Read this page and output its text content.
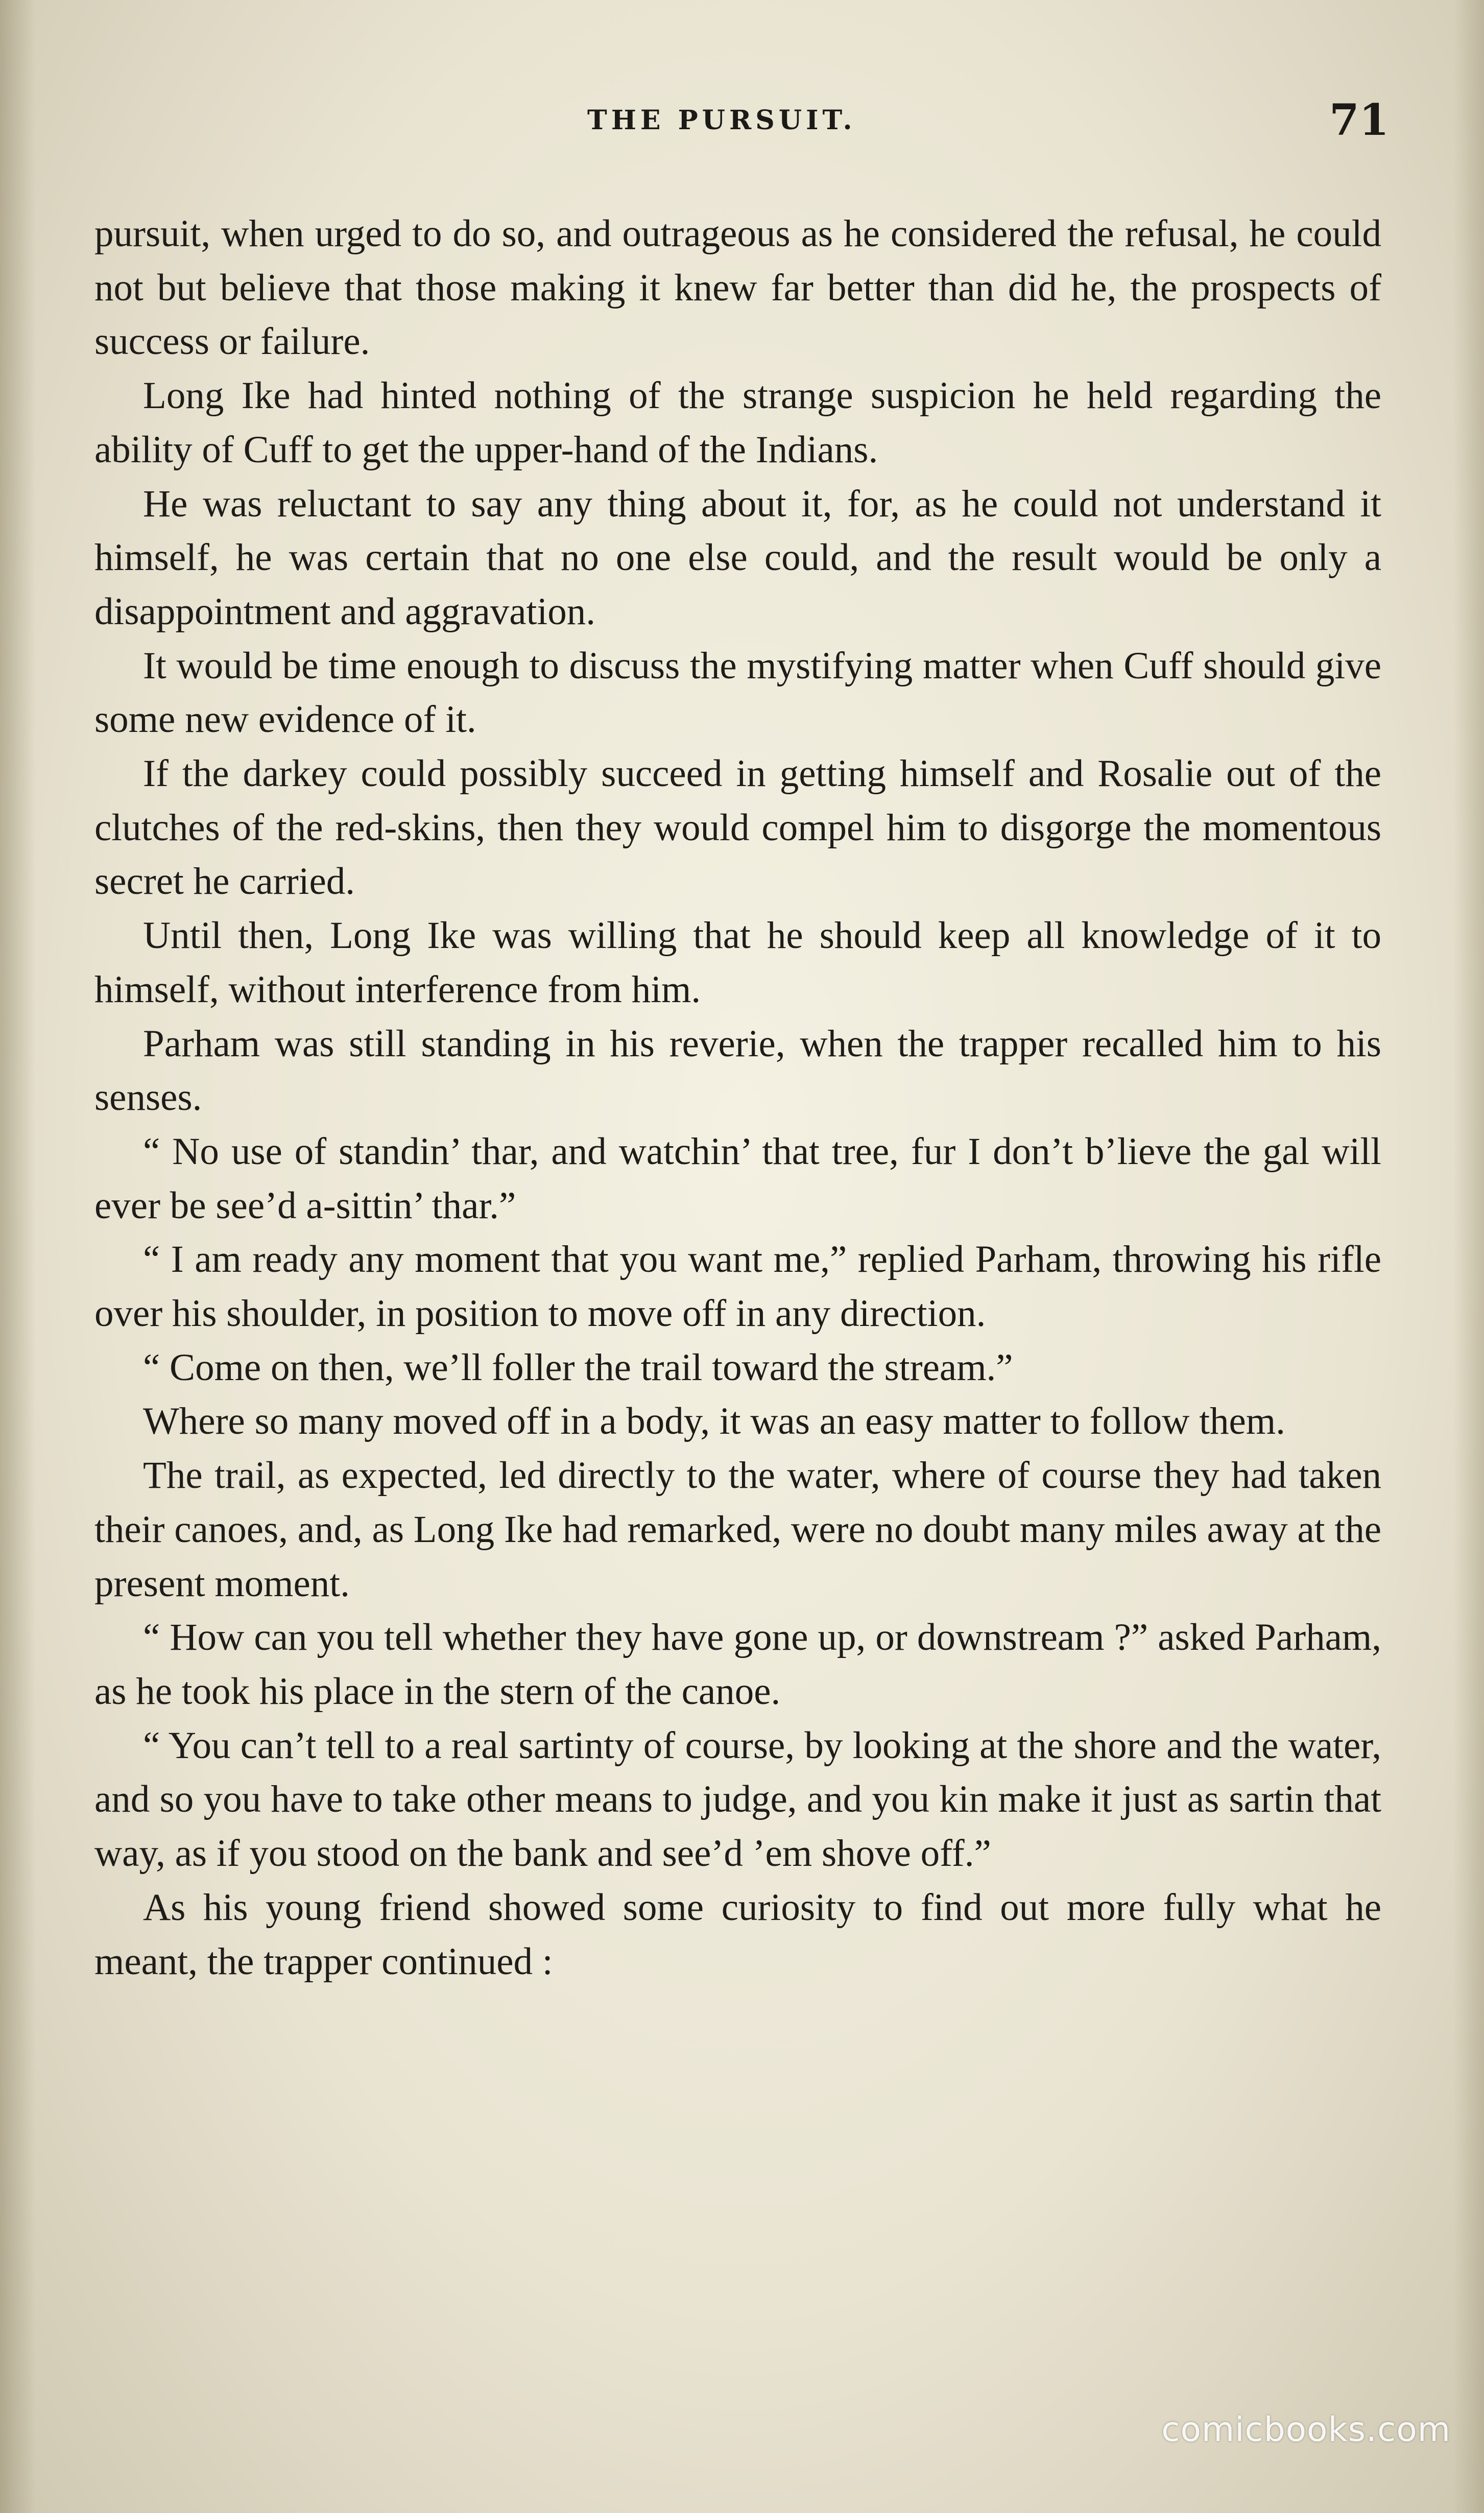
THE PURSUIT.	71

pursuit, when urged to do so, and outrageous as he considered the refusal, he could not but believe that those making it knew far better than did he, the prospects of success or failure.

Long Ike had hinted nothing of the strange suspicion he held regarding the ability of Cuff to get the upper-hand of the Indians.

He was reluctant to say any thing about it, for, as he could not understand it himself, he was certain that no one else could, and the result would be only a disappointment and aggravation.

It would be time enough to discuss the mystifying matter when Cuff should give some new evidence of it.

If the darkey could possibly succeed in getting himself and Rosalie out of the clutches of the red-skins, then they would compel him to disgorge the momentous secret he carried.

Until then, Long Ike was willing that he should keep all knowledge of it to himself, without interference from him.

Parham was still standing in his reverie, when the trapper recalled him to his senses.

“ No use of standin’ thar, and watchin’ that tree, fur I don’t b’lieve the gal will ever be see’d a-sittin’ thar.”

“ I am ready any moment that you want me,” replied Parham, throwing his rifle over his shoulder, in position to move off in any direction.

“ Come on then, we’ll foller the trail toward the stream.”

Where so many moved off in a body, it was an easy matter to follow them.

The trail, as expected, led directly to the water, where of course they had taken their canoes, and, as Long Ike had remarked, were no doubt many miles away at the present moment.

“ How can you tell whether they have gone up, or downstream ?” asked Parham, as he took his place in the stern of the canoe.

“ You can’t tell to a real sartinty of course, by looking at the shore and the water, and so you have to take other means to judge, and you kin make it just as sartin that way, as if you stood on the bank and see’d ’em shove off.”

As his young friend showed some curiosity to find out more fully what he meant, the trapper continued :

comicbooks.com
